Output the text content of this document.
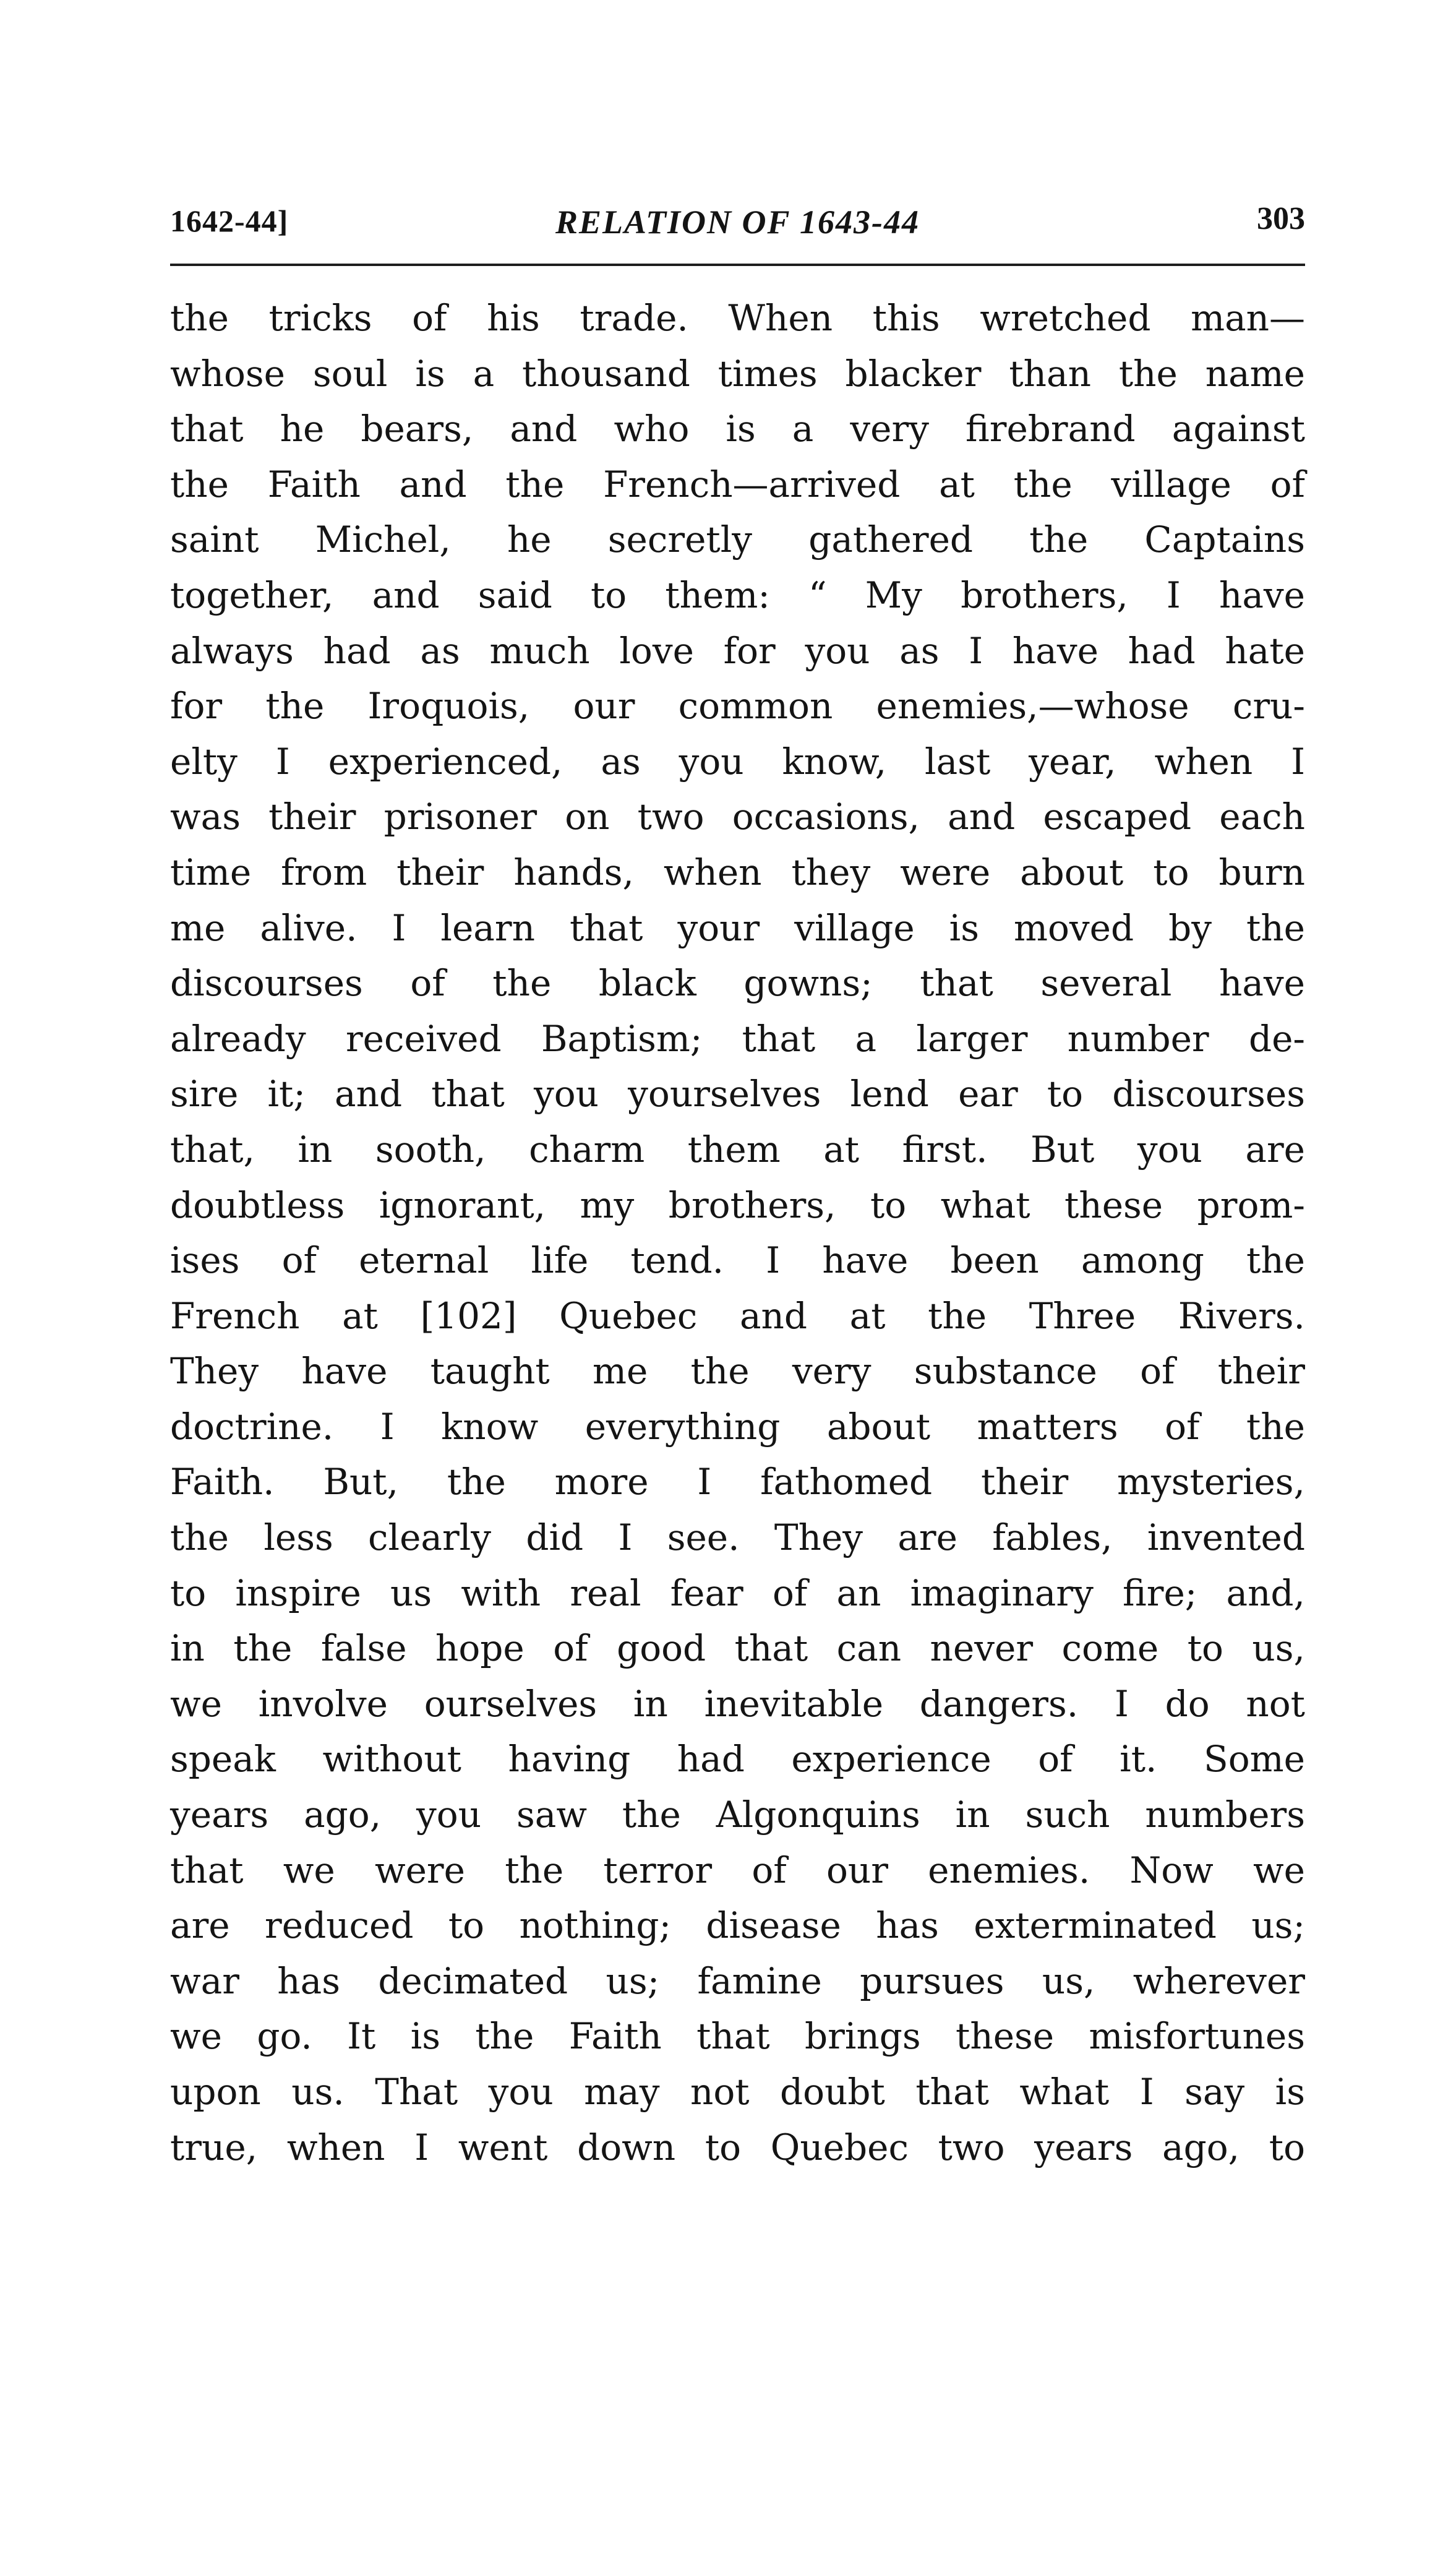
1642-44]	RELATION OF 1643-44	303
the tricks of his trade. When this wretched man—
whose soul is a thousand times blacker than the name
that he bears, and who is a very firebrand against
the Faith and the French—arrived at the village of
saint Michel, he secretly gathered the Captains
together, and said to them: “ My brothers, I have
always had as much love for you as I have had hate
for the Iroquois, our common enemies,—whose cru-
elty I experienced, as you know, last year, when I
was their prisoner on two occasions, and escaped each
time from their hands, when they were about to burn
me alive. I learn that your village is moved by the
discourses of the black gowns; that several have
already received Baptism; that a larger number de-
sire it; and that you yourselves lend ear to discourses
that, in sooth, charm them at first. But you are
doubtless ignorant, my brothers, to what these prom-
ises of eternal life tend. I have been among the
French at [102] Quebec and at the Three Rivers.
They have taught me the very substance of their
doctrine. I know everything about matters of the
Faith. But, the more I fathomed their mysteries,
the less clearly did I see. They are fables, invented
to inspire us with real fear of an imaginary fire; and,
in the false hope of good that can never come to us,
we involve ourselves in inevitable dangers. I do not
speak without having had experience of it. Some
years ago, you saw the Algonquins in such numbers
that we were the terror of our enemies. Now we
are reduced to nothing; disease has exterminated us;
war has decimated us; famine pursues us, wherever
we go. It is the Faith that brings these misfortunes
upon us. That you may not doubt that what I say is
true, when I went down to Quebec two years ago, to
